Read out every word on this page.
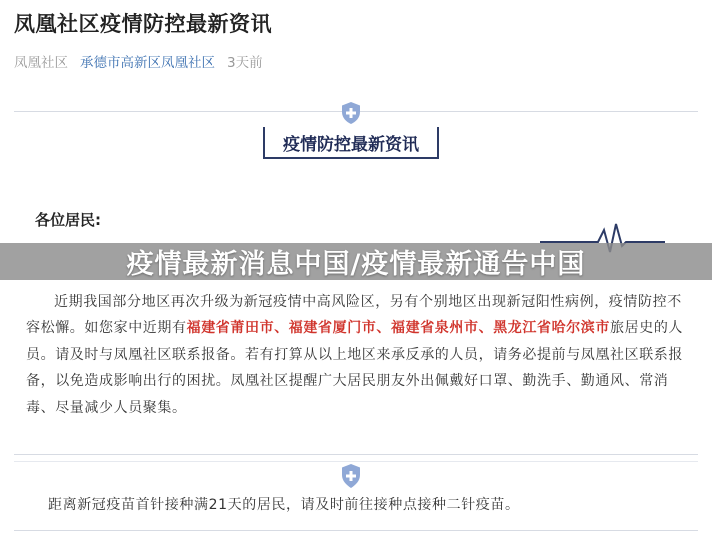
凤凰社区疫情防控最新资讯
凤凰社区 承德市高新区凤凰社区 3天前
疫情防控最新资讯
各位居民:
疫情最新消息中国/疫情最新通告中国

近期我国部分地区再次升级为新冠疫情中高风险区，另有个别地区出现新冠阳性病例，疫情防控不容松懈。如您家中近期有福建省莆田市、福建省厦门市、福建省泉州市、黑龙江省哈尔滨市旅居史的人员。请及时与凤凰社区联系报备。若有打算从以上地区来承反承的人员，请务必提前与凤凰社区联系报备，以免造成影响出行的困扰。凤凰社区提醒广大居民朋友外出佩戴好口罩、勤洗手、勤通风、常消毒、尽量减少人员聚集。

距离新冠疫苗首针接种满21天的居民，请及时前往接种点接种二针疫苗。
